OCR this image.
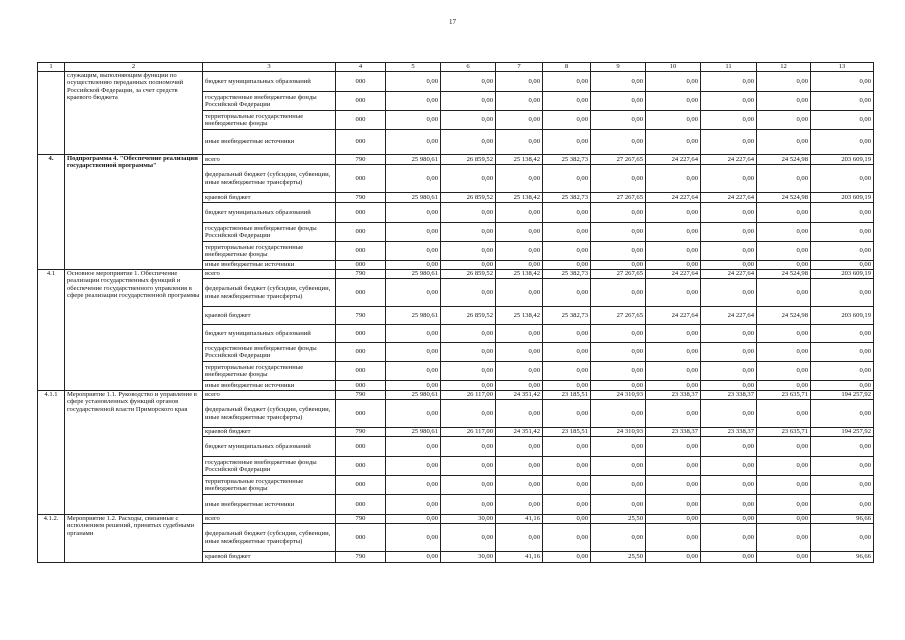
17
1	2	3	4	5	6	7	8	9	10	11	12	13
	служащим, выполняющим функции по осуществлению переданных полномочий Российской Федерации, за счет средств краевого бюджета	бюджет муниципальных образований	000	0,00	0,00	0,00	0,00	0,00	0,00	0,00	0,00	0,00
		государственные внебюджетные фонды Российской Федерации	000	0,00	0,00	0,00	0,00	0,00	0,00	0,00	0,00	0,00
		территориальные государственные внебюджетные фонды	000	0,00	0,00	0,00	0,00	0,00	0,00	0,00	0,00	0,00
		иные внебюджетные источники	000	0,00	0,00	0,00	0,00	0,00	0,00	0,00	0,00	0,00
4.	Подпрограмма 4. "Обеспечение реализации государственной программы"	всего	790	25 980,61	26 859,52	25 138,42	25 382,73	27 267,65	24 227,64	24 227,64	24 524,98	203 609,19
		федеральный бюджет (субсидии, субвенции, иные межбюджетные трансферты)	000	0,00	0,00	0,00	0,00	0,00	0,00	0,00	0,00	0,00
		краевой бюджет	790	25 980,61	26 859,52	25 138,42	25 382,73	27 267,65	24 227,64	24 227,64	24 524,98	203 609,19
		бюджет муниципальных образований	000	0,00	0,00	0,00	0,00	0,00	0,00	0,00	0,00	0,00
		государственные внебюджетные фонды Российской Федерации	000	0,00	0,00	0,00	0,00	0,00	0,00	0,00	0,00	0,00
		территориальные государственные внебюджетные фонды	000	0,00	0,00	0,00	0,00	0,00	0,00	0,00	0,00	0,00
		иные внебюджетные источники	000	0,00	0,00	0,00	0,00	0,00	0,00	0,00	0,00	0,00
4.1	Основное мероприятие 1. Обеспечение реализации государственных функций и обеспечение государственного управления в сфере реализации государственной программы	всего	790	25 980,61	26 859,52	25 138,42	25 382,73	27 267,65	24 227,64	24 227,64	24 524,98	203 609,19
		федеральный бюджет (субсидии, субвенции, иные межбюджетные трансферты)	000	0,00	0,00	0,00	0,00	0,00	0,00	0,00	0,00	0,00
		краевой бюджет	790	25 980,61	26 859,52	25 138,42	25 382,73	27 267,65	24 227,64	24 227,64	24 524,98	203 609,19
		бюджет муниципальных образований	000	0,00	0,00	0,00	0,00	0,00	0,00	0,00	0,00	0,00
		государственные внебюджетные фонды Российской Федерации	000	0,00	0,00	0,00	0,00	0,00	0,00	0,00	0,00	0,00
		территориальные государственные внебюджетные фонды	000	0,00	0,00	0,00	0,00	0,00	0,00	0,00	0,00	0,00
		иные внебюджетные источники	000	0,00	0,00	0,00	0,00	0,00	0,00	0,00	0,00	0,00
4.1.1	Мероприятие 1.1. Руководство и управление в сфере установленных функций органов государственной власти Приморского края	всего	790	25 980,61	26 117,00	24 351,42	23 185,51	24 310,93	23 338,37	23 338,37	23 635,71	194 257,92
		федеральный бюджет (субсидии, субвенции, иные межбюджетные трансферты)	000	0,00	0,00	0,00	0,00	0,00	0,00	0,00	0,00	0,00
		краевой бюджет	790	25 980,61	26 117,00	24 351,42	23 185,51	24 310,93	23 338,37	23 338,37	23 635,71	194 257,92
		бюджет муниципальных образований	000	0,00	0,00	0,00	0,00	0,00	0,00	0,00	0,00	0,00
		государственные внебюджетные фонды Российской Федерации	000	0,00	0,00	0,00	0,00	0,00	0,00	0,00	0,00	0,00
		территориальные государственные внебюджетные фонды	000	0,00	0,00	0,00	0,00	0,00	0,00	0,00	0,00	0,00
		иные внебюджетные источники	000	0,00	0,00	0,00	0,00	0,00	0,00	0,00	0,00	0,00
4.1.2.	Мероприятие 1.2. Расходы, связанные с исполнением решений, принятых судебными органами	всего	790	0,00	30,00	41,16	0,00	25,50	0,00	0,00	0,00	96,66
		федеральный бюджет (субсидии, субвенции, иные межбюджетные трансферты)	000	0,00	0,00	0,00	0,00	0,00	0,00	0,00	0,00	0,00
		краевой бюджет	790	0,00	30,00	41,16	0,00	25,50	0,00	0,00	0,00	96,66
